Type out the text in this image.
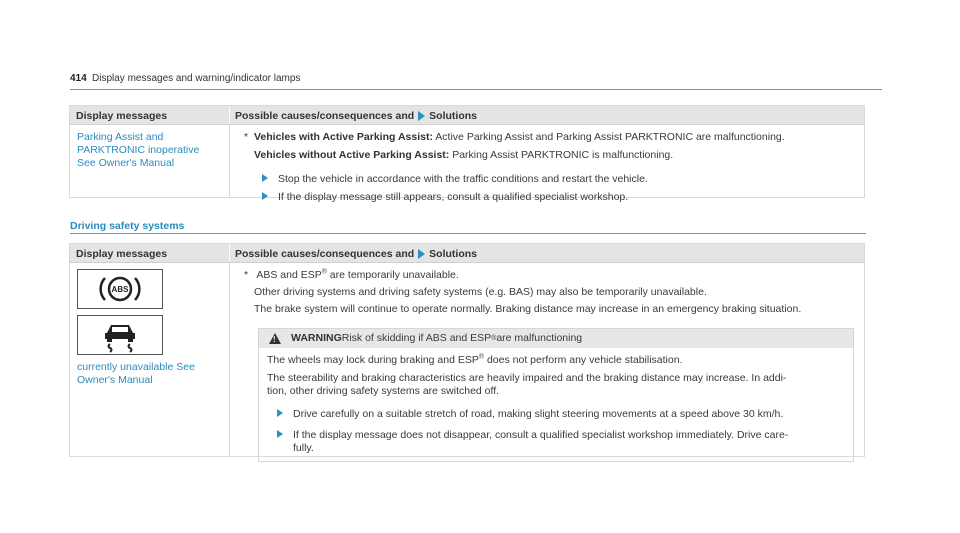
414 Display messages and warning/indicator lamps
Display messages	Possible causes/consequences and Solutions
Parking Assist and
PARKTRONIC inoperative
See Owner's Manual
* Vehicles with Active Parking Assist: Active Parking Assist and Parking Assist PARKTRONIC are malfunctioning.
Vehicles without Active Parking Assist: Parking Assist PARKTRONIC is malfunctioning.
Stop the vehicle in accordance with the traffic conditions and restart the vehicle.
If the display message still appears, consult a qualified specialist workshop.
Driving safety systems
Display messages	Possible causes/consequences and Solutions
ABS
currently unavailable See
Owner's Manual
* ABS and ESP® are temporarily unavailable.
Other driving systems and driving safety systems (e.g. BAS) may also be temporarily unavailable.
The brake system will continue to operate normally. Braking distance may increase in an emergency braking situation.
! WARNING Risk of skidding if ABS and ESP ® are malfunctioning
The wheels may lock during braking and ESP® does not perform any vehicle stabilisation.
The steerability and braking characteristics are heavily impaired and the braking distance may increase. In addi-
tion, other driving safety systems are switched off.
Drive carefully on a suitable stretch of road, making slight steering movements at a speed above 30 km/h.
If the display message does not disappear, consult a qualified specialist workshop immediately. Drive care-
fully.
